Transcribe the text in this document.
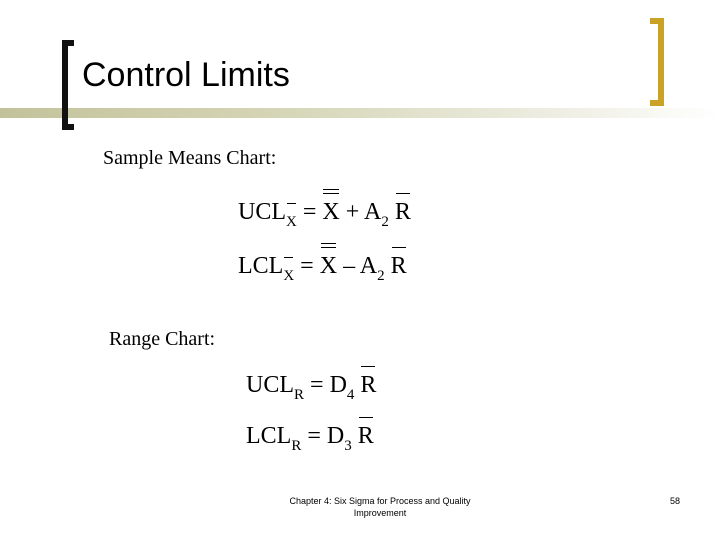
Control Limits
Sample Means Chart:
UCLX = $X + A_2$ R
LCLX = X – $A_2$ R
Range Chart:
$UCL_R = D_4$ R
$LCL_R = D_3$ R
Chapter 4: Six Sigma for Process and Quality
Improvement
58
